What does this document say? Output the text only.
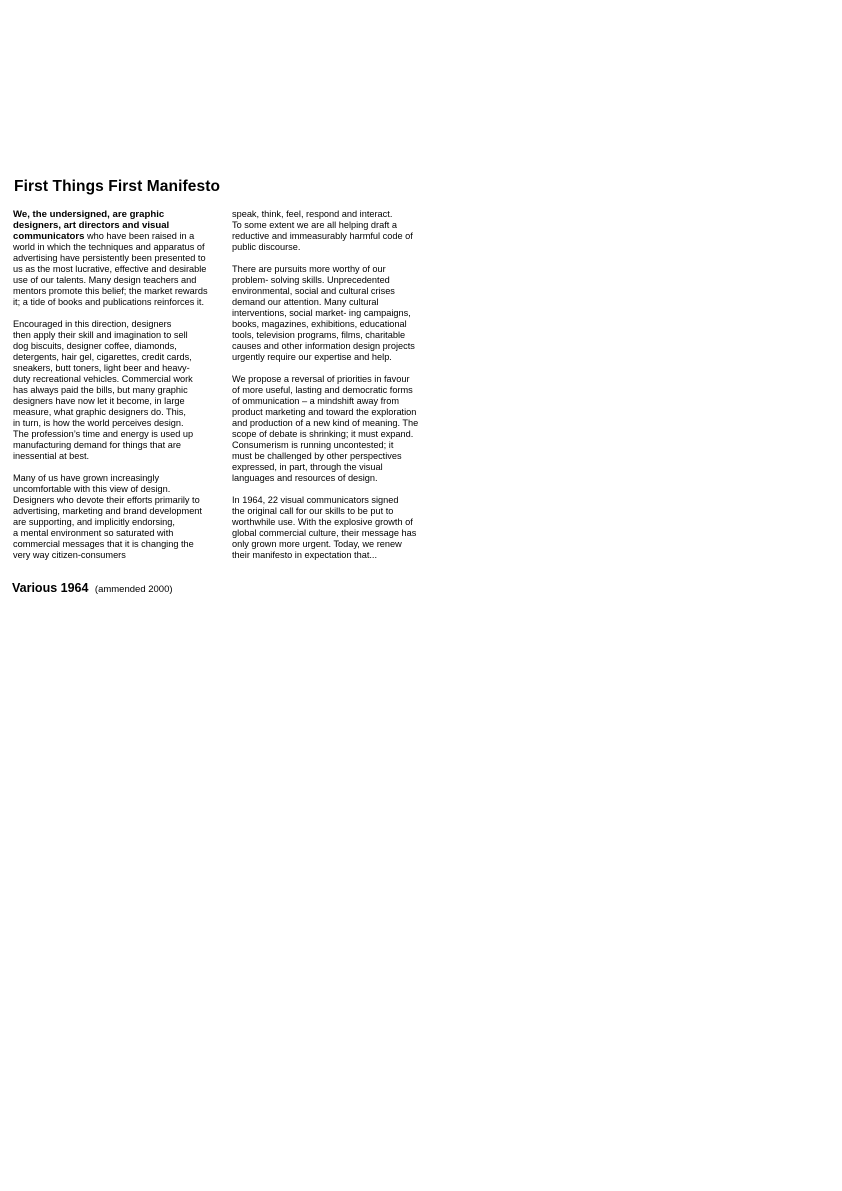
First Things First Manifesto
We, the undersigned, are graphic
designers, art directors and visual
communicators who have been raised in a
world in which the techniques and apparatus of
advertising have persistently been presented to
us as the most lucrative, effective and desirable
use of our talents. Many design teachers and
mentors promote this belief; the market rewards
it; a tide of books and publications reinforces it.
Encouraged in this direction, designers
then apply their skill and imagination to sell
dog biscuits, designer coffee, diamonds,
detergents, hair gel, cigarettes, credit cards,
sneakers, butt toners, light beer and heavy-
duty recreational vehicles. Commercial work
has always paid the bills, but many graphic
designers have now let it become, in large
measure, what graphic designers do. This,
in turn, is how the world perceives design.
The profession’s time and energy is used up
manufacturing demand for things that are
inessential at best.
Many of us have grown increasingly
uncomfortable with this view of design.
Designers who devote their efforts primarily to
advertising, marketing and brand development
are supporting, and implicitly endorsing,
a mental environment so saturated with
commercial messages that it is changing the
very way citizen-consumers
speak, think, feel, respond and interact.
To some extent we are all helping draft a
reductive and immeasurably harmful code of
public discourse.
There are pursuits more worthy of our
problem- solving skills. Unprecedented
environmental, social and cultural crises
demand our attention. Many cultural
interventions, social market- ing campaigns,
books, magazines, exhibitions, educational
tools, television programs, films, charitable
causes and other information design projects
urgently require our expertise and help.
We propose a reversal of priorities in favour
of more useful, lasting and democratic forms
of ommunication – a mindshift away from
product marketing and toward the exploration
and production of a new kind of meaning. The
scope of debate is shrinking; it must expand.
Consumerism is running uncontested; it
must be challenged by other perspectives
expressed, in part, through the visual
languages and resources of design.
In 1964, 22 visual communicators signed
the original call for our skills to be put to
worthwhile use. With the explosive growth of
global commercial culture, their message has
only grown more urgent. Today, we renew
their manifesto in expectation that...
Various 1964 (ammended 2000)
